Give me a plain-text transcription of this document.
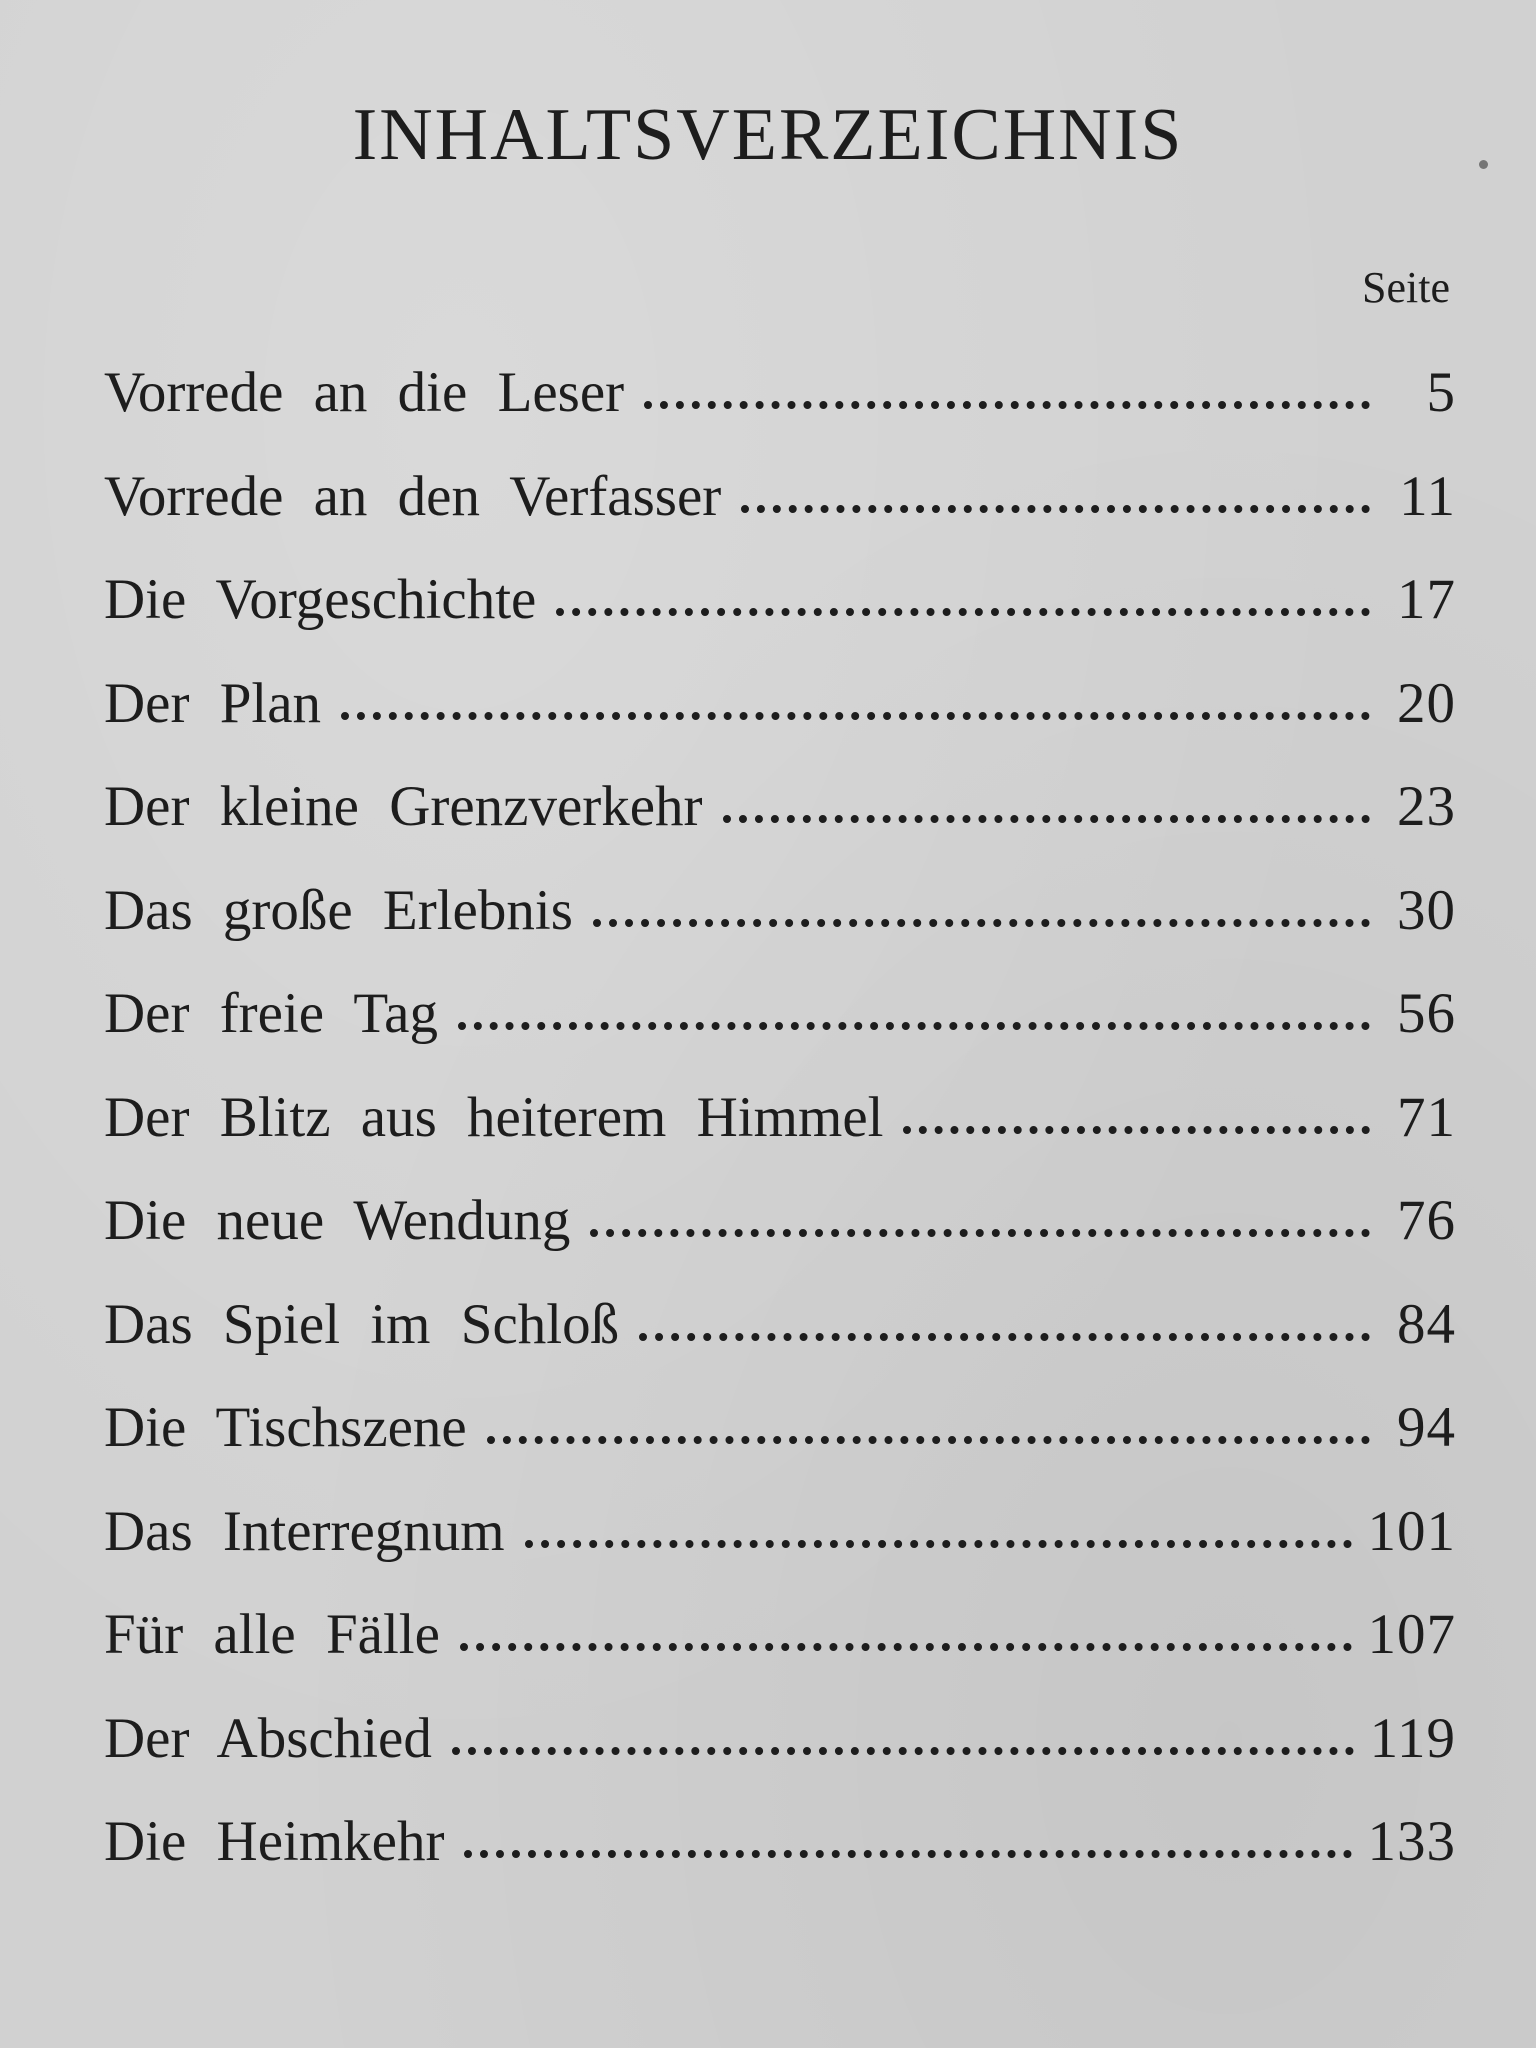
INHALTSVERZEICHNIS
Seite
Vorrede an die Leser	5
Vorrede an den Verfasser	11
Die Vorgeschichte	17
Der Plan	20
Der kleine Grenzverkehr	23
Das große Erlebnis	30
Der freie Tag	56
Der Blitz aus heiterem Himmel	71
Die neue Wendung	76
Das Spiel im Schloß	84
Die Tischszene	94
Das Interregnum	101
Für alle Fälle	107
Der Abschied	119
Die Heimkehr	133
